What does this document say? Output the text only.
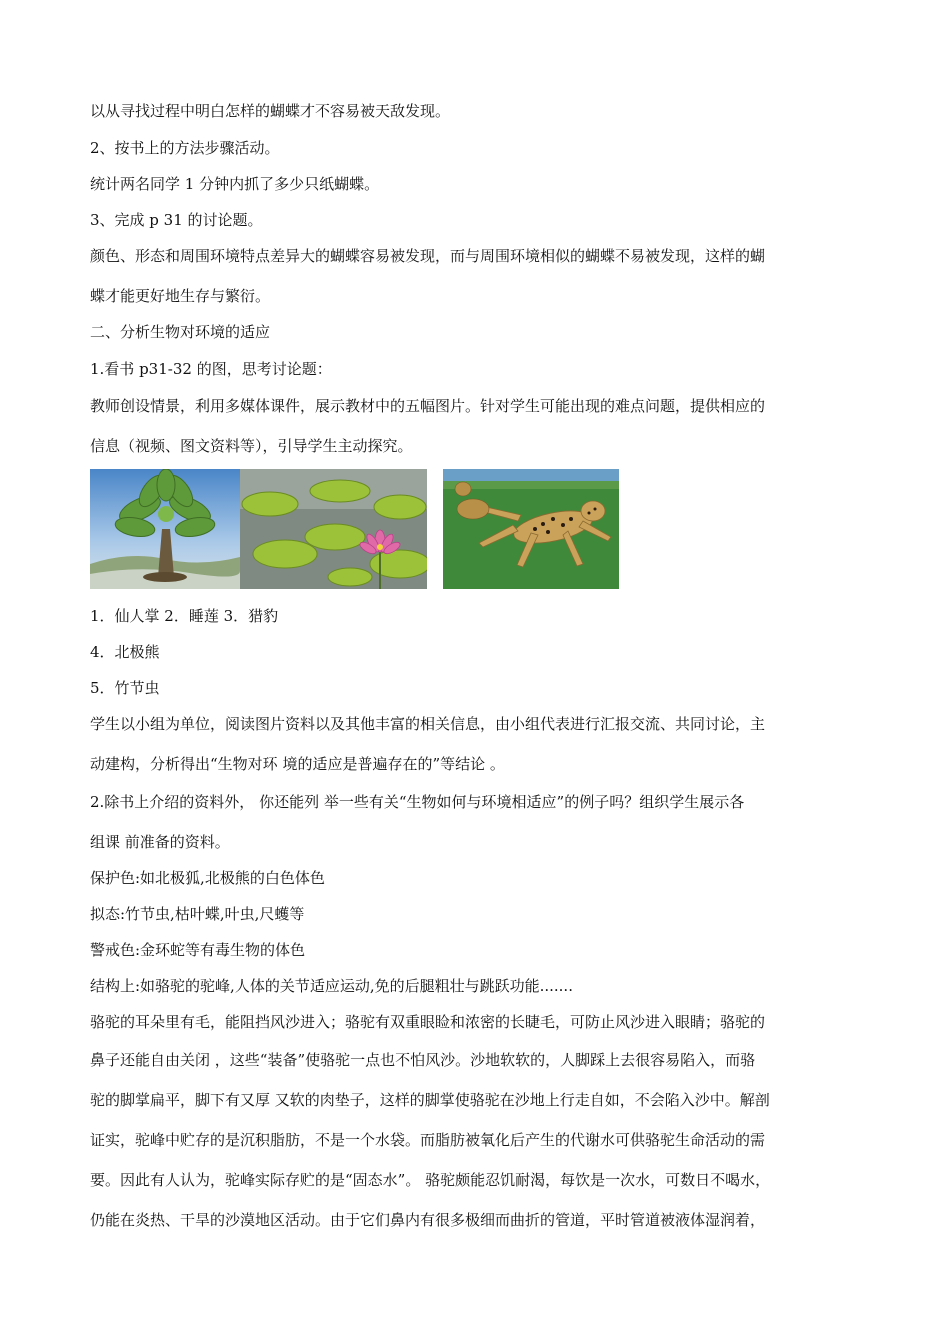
以从寻找过程中明白怎样的蝴蝶才不容易被天敌发现。
2、按书上的方法步骤活动。
统计两名同学 1 分钟内抓了多少只纸蝴蝶。
3、完成 p 31 的讨论题。
颜色、形态和周围环境特点差异大的蝴蝶容易被发现，而与周围环境相似的蝴蝶不易被发现，这样的蝴
蝶才能更好地生存与繁衍。
二、分析生物对环境的适应
1.看书 p31-32 的图，思考讨论题：
教师创设情景，利用多媒体课件，展示教材中的五幅图片。针对学生可能出现的难点问题，提供相应的
信息（视频、图文资料等），引导学生主动探究。
1．仙人掌 2．睡莲 3．猎豹
4．北极熊
5．竹节虫
学生以小组为单位，阅读图片资料以及其他丰富的相关信息，由小组代表进行汇报交流、共同讨论，主
动建构，分析得出“生物对环 境的适应是普遍存在的”等结论 。
2.除书上介绍的资料外， 你还能列 举一些有关“生物如何与环境相适应”的例子吗？组织学生展示各
组课 前准备的资料。
保护色:如北极狐,北极熊的白色体色
拟态:竹节虫,枯叶蝶,叶虫,尺蠖等
警戒色:金环蛇等有毒生物的体色
结构上:如骆驼的驼峰,人体的关节适应运动,免的后腿粗壮与跳跃功能.......
骆驼的耳朵里有毛，能阻挡风沙进入；骆驼有双重眼睑和浓密的长睫毛，可防止风沙进入眼睛；骆驼的
鼻子还能自由关闭 ，这些“装备”使骆驼一点也不怕风沙。沙地软软的，人脚踩上去很容易陷入，而骆
驼的脚掌扁平，脚下有又厚 又软的肉垫子，这样的脚掌使骆驼在沙地上行走自如，不会陷入沙中。解剖
证实，驼峰中贮存的是沉积脂肪，不是一个水袋。而脂肪被氧化后产生的代谢水可供骆驼生命活动的需
要。因此有人认为，驼峰实际存贮的是“固态水”。 骆驼颇能忍饥耐渴，每饮是一次水，可数日不喝水，
仍能在炎热、干旱的沙漠地区活动。由于它们鼻内有很多极细而曲折的管道，平时管道被液体湿润着，
